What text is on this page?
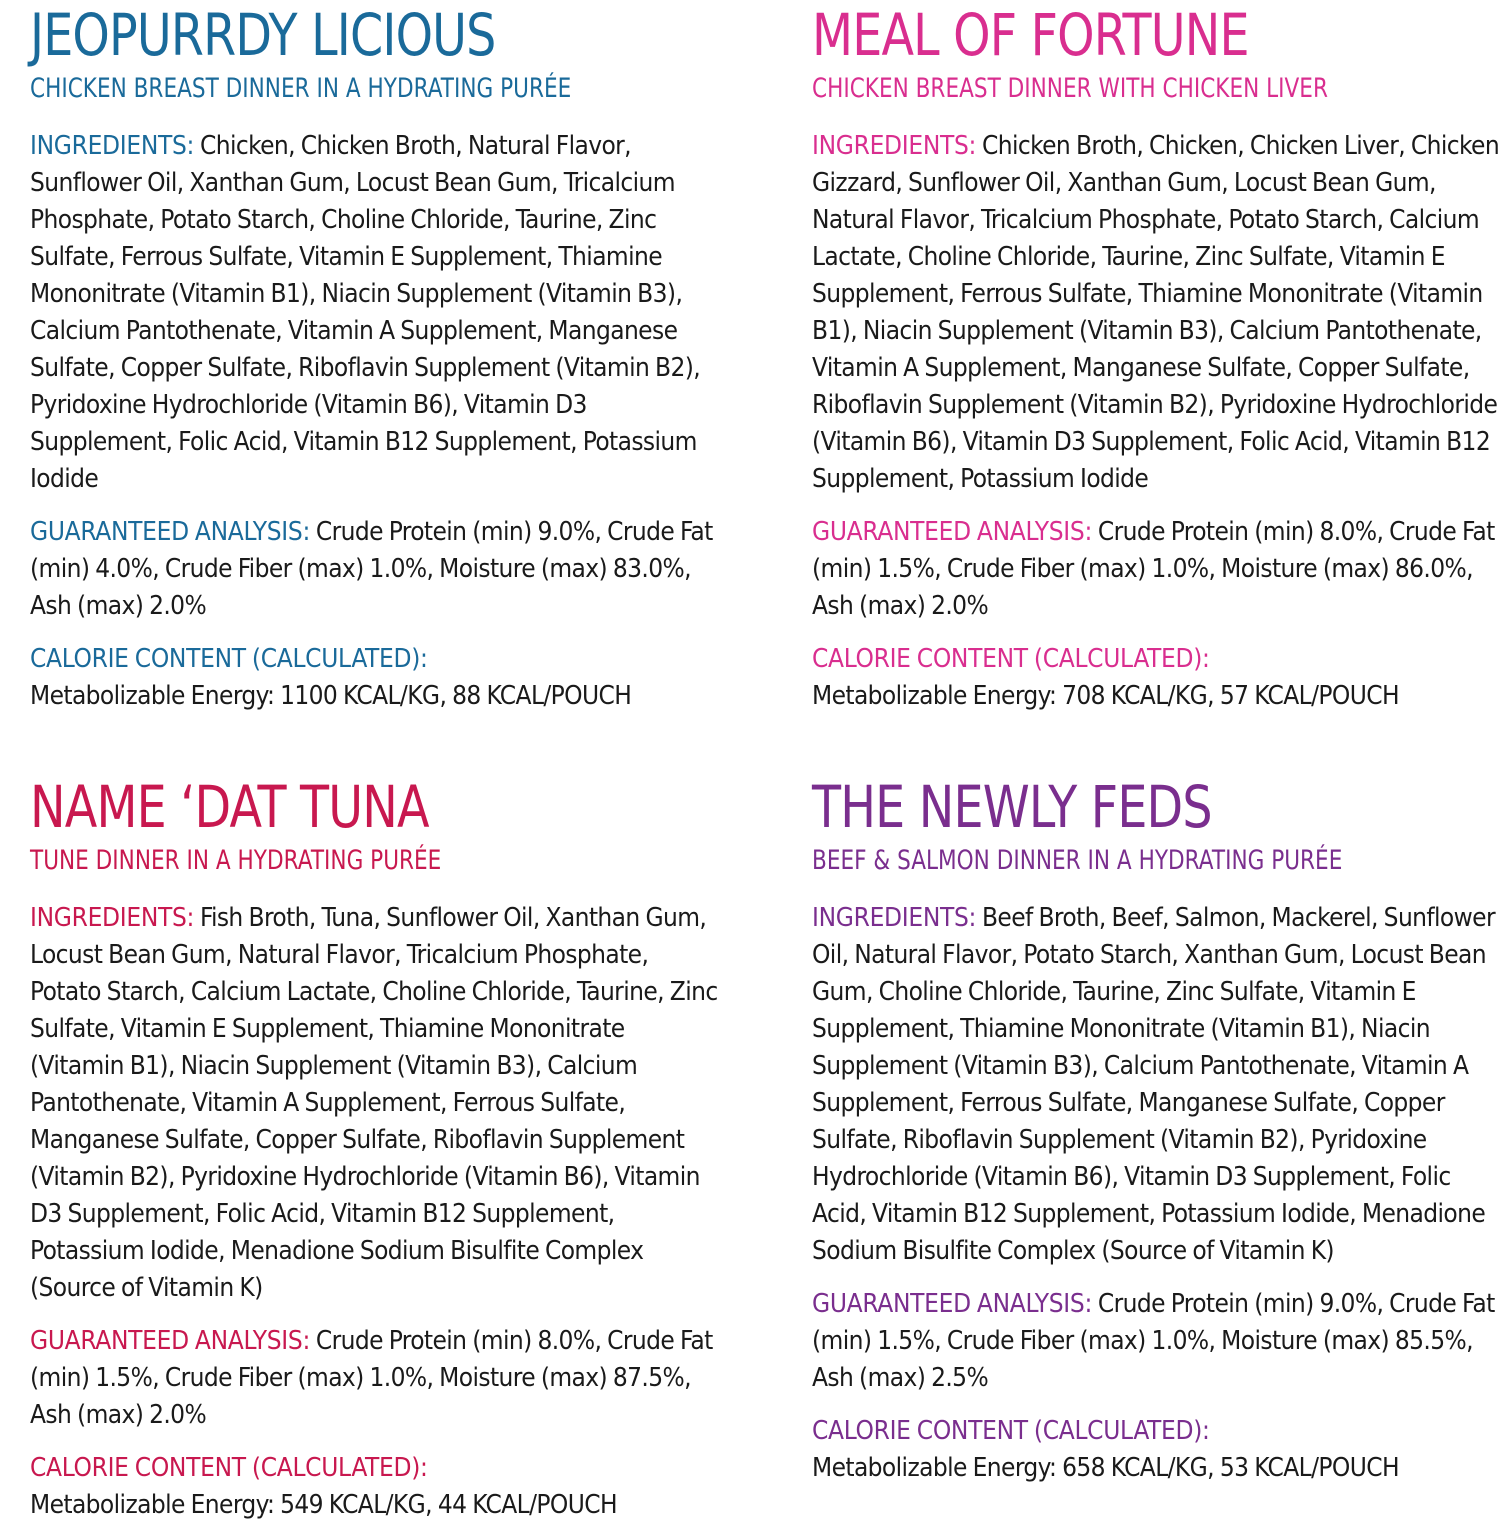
JEOPURRDY LICIOUS
CHICKEN BREAST DINNER IN A HYDRATING PURÉE
INGREDIENTS: Chicken, Chicken Broth, Natural Flavor, Sunflower Oil, Xanthan Gum, Locust Bean Gum, Tricalcium Phosphate, Potato Starch, Choline Chloride, Taurine, Zinc Sulfate, Ferrous Sulfate, Vitamin E Supplement, Thiamine Mononitrate (Vitamin B1), Niacin Supplement (Vitamin B3), Calcium Pantothenate, Vitamin A Supplement, Manganese Sulfate, Copper Sulfate, Riboflavin Supplement (Vitamin B2), Pyridoxine Hydrochloride (Vitamin B6), Vitamin D3 Supplement, Folic Acid, Vitamin B12 Supplement, Potassium Iodide
GUARANTEED ANALYSIS: Crude Protein (min) 9.0%, Crude Fat (min) 4.0%, Crude Fiber (max) 1.0%, Moisture (max) 83.0%, Ash (max) 2.0%
CALORIE CONTENT (CALCULATED):
Metabolizable Energy: 1100 KCAL/KG, 88 KCAL/POUCH
MEAL OF FORTUNE
CHICKEN BREAST DINNER WITH CHICKEN LIVER
INGREDIENTS: Chicken Broth, Chicken, Chicken Liver, Chicken Gizzard, Sunflower Oil, Xanthan Gum, Locust Bean Gum, Natural Flavor, Tricalcium Phosphate, Potato Starch, Calcium Lactate, Choline Chloride, Taurine, Zinc Sulfate, Vitamin E Supplement, Ferrous Sulfate, Thiamine Mononitrate (Vitamin B1), Niacin Supplement (Vitamin B3), Calcium Pantothenate, Vitamin A Supplement, Manganese Sulfate, Copper Sulfate, Riboflavin Supplement (Vitamin B2), Pyridoxine Hydrochloride (Vitamin B6), Vitamin D3 Supplement, Folic Acid, Vitamin B12 Supplement, Potassium Iodide
GUARANTEED ANALYSIS: Crude Protein (min) 8.0%, Crude Fat (min) 1.5%, Crude Fiber (max) 1.0%, Moisture (max) 86.0%, Ash (max) 2.0%
CALORIE CONTENT (CALCULATED):
Metabolizable Energy: 708 KCAL/KG, 57 KCAL/POUCH
NAME ‘DAT TUNA
TUNE DINNER IN A HYDRATING PURÉE
INGREDIENTS: Fish Broth, Tuna, Sunflower Oil, Xanthan Gum, Locust Bean Gum, Natural Flavor, Tricalcium Phosphate, Potato Starch, Calcium Lactate, Choline Chloride, Taurine, Zinc Sulfate, Vitamin E Supplement, Thiamine Mononitrate (Vitamin B1), Niacin Supplement (Vitamin B3), Calcium Pantothenate, Vitamin A Supplement, Ferrous Sulfate, Manganese Sulfate, Copper Sulfate, Riboflavin Supplement (Vitamin B2), Pyridoxine Hydrochloride (Vitamin B6), Vitamin D3 Supplement, Folic Acid, Vitamin B12 Supplement, Potassium Iodide, Menadione Sodium Bisulfite Complex (Source of Vitamin K)
GUARANTEED ANALYSIS: Crude Protein (min) 8.0%, Crude Fat (min) 1.5%, Crude Fiber (max) 1.0%, Moisture (max) 87.5%, Ash (max) 2.0%
CALORIE CONTENT (CALCULATED):
Metabolizable Energy: 549 KCAL/KG, 44 KCAL/POUCH
THE NEWLY FEDS
BEEF & SALMON DINNER IN A HYDRATING PURÉE
INGREDIENTS: Beef Broth, Beef, Salmon, Mackerel, Sunflower Oil, Natural Flavor, Potato Starch, Xanthan Gum, Locust Bean Gum, Choline Chloride, Taurine, Zinc Sulfate, Vitamin E Supplement, Thiamine Mononitrate (Vitamin B1), Niacin Supplement (Vitamin B3), Calcium Pantothenate, Vitamin A Supplement, Ferrous Sulfate, Manganese Sulfate, Copper Sulfate, Riboflavin Supplement (Vitamin B2), Pyridoxine Hydrochloride (Vitamin B6), Vitamin D3 Supplement, Folic Acid, Vitamin B12 Supplement, Potassium Iodide, Menadione Sodium Bisulfite Complex (Source of Vitamin K)
GUARANTEED ANALYSIS: Crude Protein (min) 9.0%, Crude Fat (min) 1.5%, Crude Fiber (max) 1.0%, Moisture (max) 85.5%, Ash (max) 2.5%
CALORIE CONTENT (CALCULATED):
Metabolizable Energy: 658 KCAL/KG, 53 KCAL/POUCH
